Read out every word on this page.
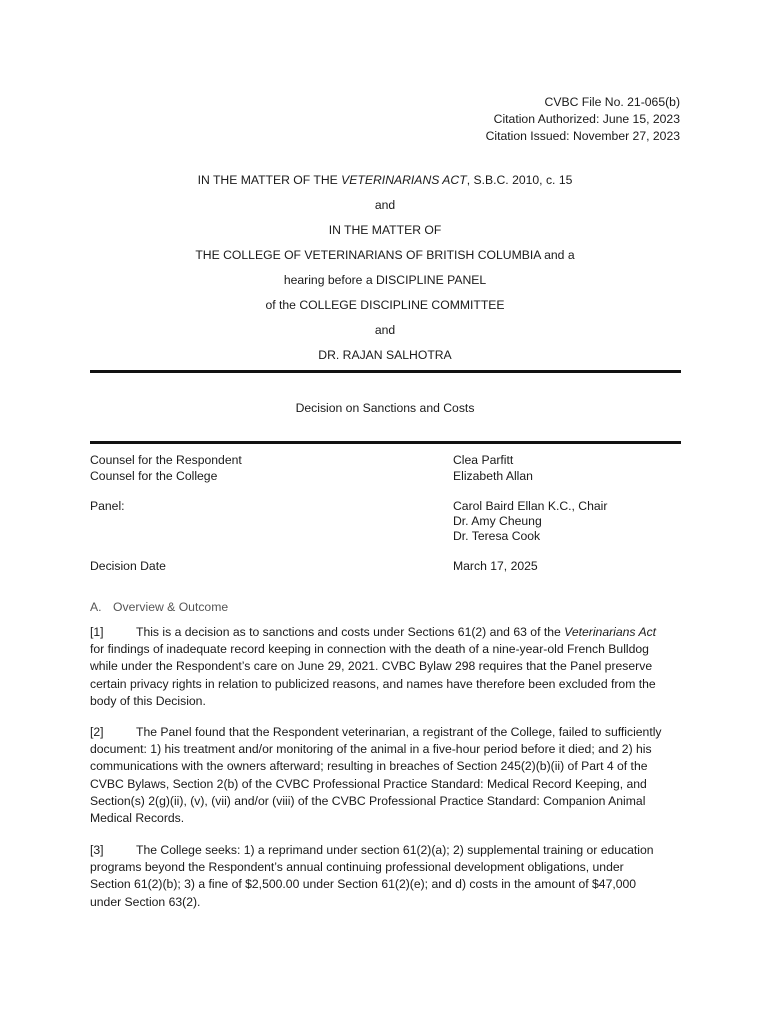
CVBC File No. 21-065(b)
Citation Authorized: June 15, 2023
Citation Issued: November 27, 2023
IN THE MATTER OF THE VETERINARIANS ACT, S.B.C. 2010, c. 15
and
IN THE MATTER OF
THE COLLEGE OF VETERINARIANS OF BRITISH COLUMBIA and a
hearing before a DISCIPLINE PANEL
of the COLLEGE DISCIPLINE COMMITTEE
and
DR. RAJAN SALHOTRA
Decision on Sanctions and Costs
Counsel for the Respondent	Clea Parfitt
Counsel for the College	Elizabeth Allan
Panel:	Carol Baird Ellan K.C., Chair
Dr. Amy Cheung
Dr. Teresa Cook
Decision Date	March 17, 2025
A. Overview & Outcome
[1]	This is a decision as to sanctions and costs under Sections 61(2) and 63 of the Veterinarians Act
for findings of inadequate record keeping in connection with the death of a nine-year-old French Bulldog
while under the Respondent’s care on June 29, 2021. CVBC Bylaw 298 requires that the Panel preserve
certain privacy rights in relation to publicized reasons, and names have therefore been excluded from the
body of this Decision.
[2]	The Panel found that the Respondent veterinarian, a registrant of the College, failed to sufficiently
document: 1) his treatment and/or monitoring of the animal in a five-hour period before it died; and 2) his
communications with the owners afterward; resulting in breaches of Section 245(2)(b)(ii) of Part 4 of the
CVBC Bylaws, Section 2(b) of the CVBC Professional Practice Standard: Medical Record Keeping, and
Section(s) 2(g)(ii), (v), (vii) and/or (viii) of the CVBC Professional Practice Standard: Companion Animal
Medical Records.
[3]	The College seeks: 1) a reprimand under section 61(2)(a); 2) supplemental training or education
programs beyond the Respondent’s annual continuing professional development obligations, under
Section 61(2)(b); 3) a fine of $2,500.00 under Section 61(2)(e); and d) costs in the amount of $47,000
under Section 63(2).
